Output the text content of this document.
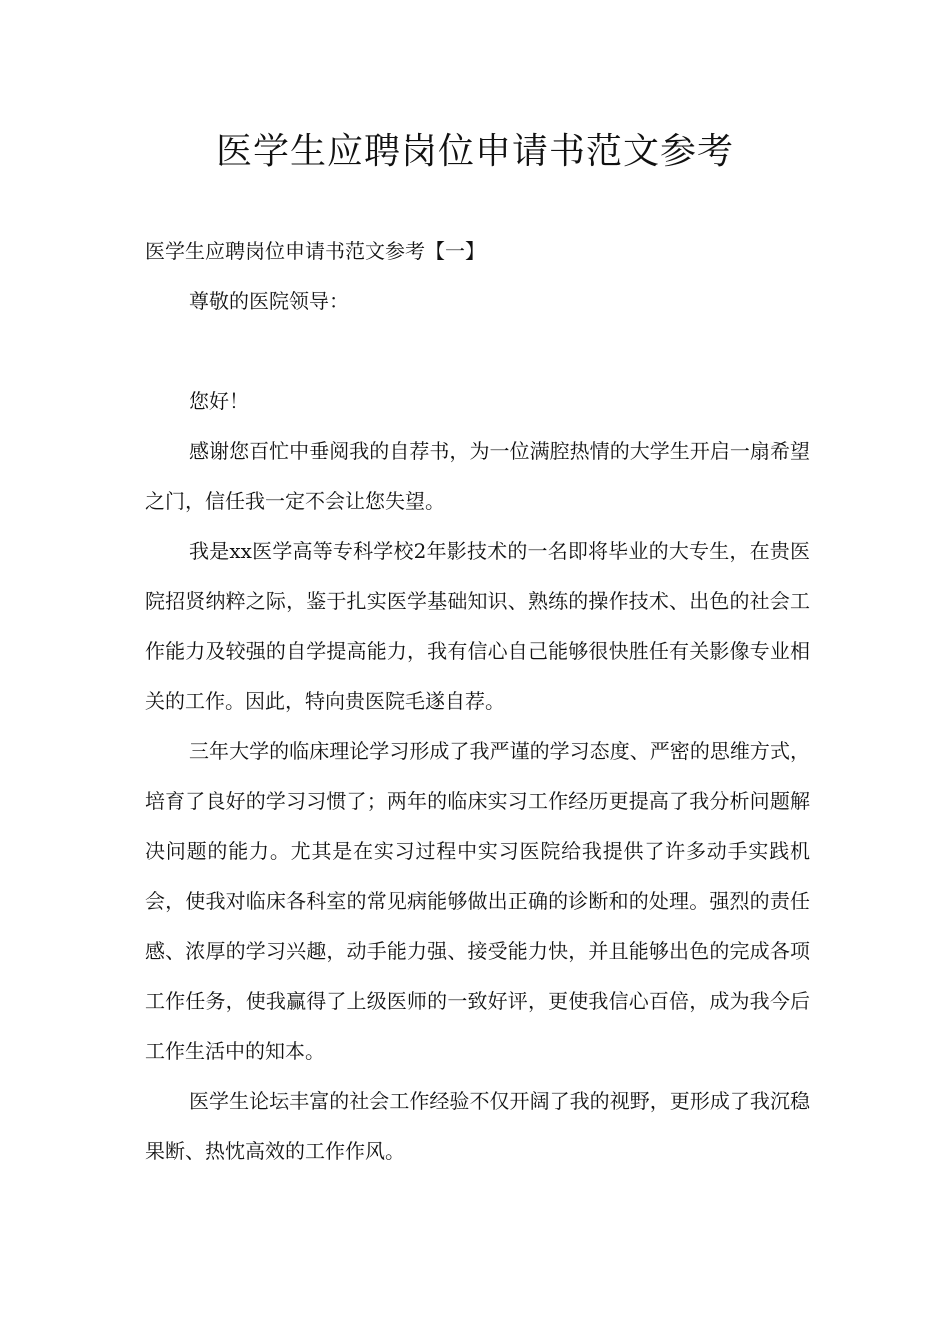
医学生应聘岗位申请书范文参考

医学生应聘岗位申请书范文参考【一】

尊敬的医院领导：

您好！

感谢您百忙中垂阅我的自荐书，为一位满腔热情的大学生开启一扇希望之门，信任我一定不会让您失望。

我是xx医学高等专科学校2年影技术的一名即将毕业的大专生，在贵医院招贤纳粹之际，鉴于扎实医学基础知识、熟练的操作技术、出色的社会工作能力及较强的自学提高能力，我有信心自己能够很快胜任有关影像专业相关的工作。因此，特向贵医院毛遂自荐。

三年大学的临床理论学习形成了我严谨的学习态度、严密的思维方式，培育了良好的学习习惯了；两年的临床实习工作经历更提高了我分析问题解决问题的能力。尤其是在实习过程中实习医院给我提供了许多动手实践机会，使我对临床各科室的常见病能够做出正确的诊断和的处理。强烈的责任感、浓厚的学习兴趣，动手能力强、接受能力快，并且能够出色的完成各项工作任务，使我赢得了上级医师的一致好评，更使我信心百倍，成为我今后工作生活中的知本。

医学生论坛丰富的社会工作经验不仅开阔了我的视野，更形成了我沉稳果断、热忱高效的工作作风。
